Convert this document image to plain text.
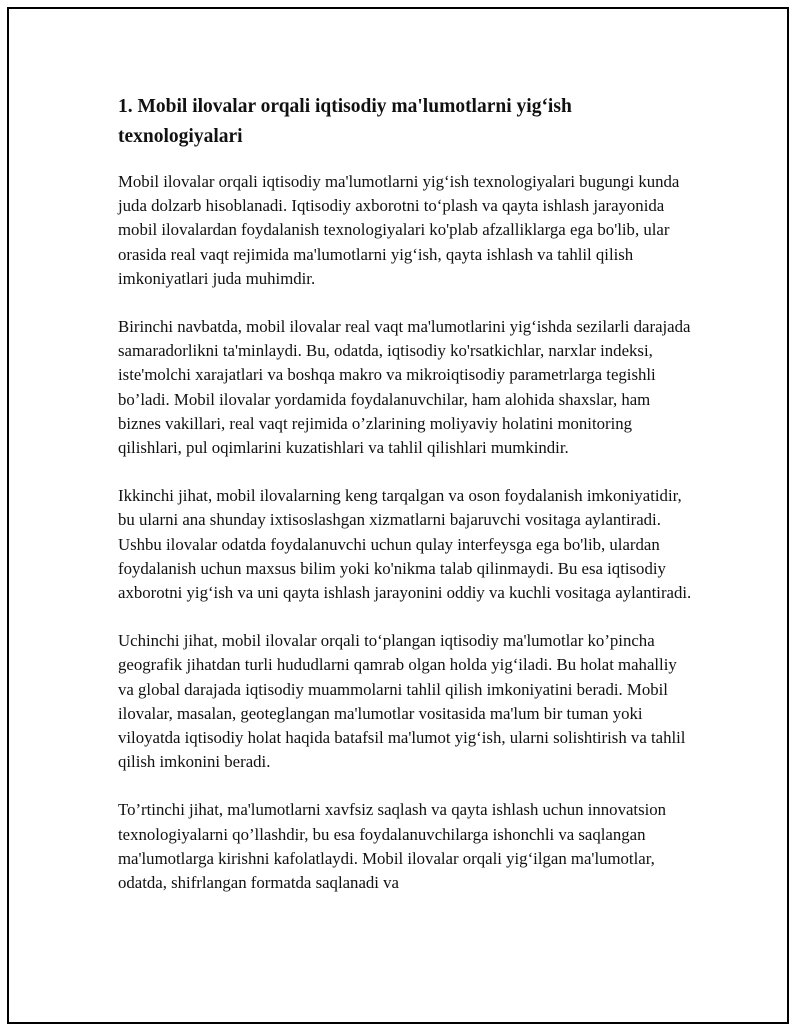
1. Mobil ilovalar orqali iqtisodiy ma'lumotlarni yig‘ish texnologiyalari

Mobil ilovalar orqali iqtisodiy ma'lumotlarni yig‘ish texnologiyalari bugungi kunda juda dolzarb hisoblanadi. Iqtisodiy axborotni to‘plash va qayta ishlash jarayonida mobil ilovalardan foydalanish texnologiyalari ko'plab afzalliklarga ega bo'lib, ular orasida real vaqt rejimida ma'lumotlarni yig‘ish, qayta ishlash va tahlil qilish imkoniyatlari juda muhimdir.

Birinchi navbatda, mobil ilovalar real vaqt ma'lumotlarini yig‘ishda sezilarli darajada samaradorlikni ta'minlaydi. Bu, odatda, iqtisodiy ko'rsatkichlar, narxlar indeksi, iste'molchi xarajatlari va boshqa makro va mikroiqtisodiy parametrlarga tegishli bo’ladi. Mobil ilovalar yordamida foydalanuvchilar, ham alohida shaxslar, ham biznes vakillari, real vaqt rejimida o’zlarining moliyaviy holatini monitoring qilishlari, pul oqimlarini kuzatishlari va tahlil qilishlari mumkindir.

Ikkinchi jihat, mobil ilovalarning keng tarqalgan va oson foydalanish imkoniyatidir, bu ularni ana shunday ixtisoslashgan xizmatlarni bajaruvchi vositaga aylantiradi. Ushbu ilovalar odatda foydalanuvchi uchun qulay interfeysga ega bo'lib, ulardan foydalanish uchun maxsus bilim yoki ko'nikma talab qilinmaydi. Bu esa iqtisodiy axborotni yig‘ish va uni qayta ishlash jarayonini oddiy va kuchli vositaga aylantiradi.

Uchinchi jihat, mobil ilovalar orqali to‘plangan iqtisodiy ma'lumotlar ko’pincha geografik jihatdan turli hududlarni qamrab olgan holda yig‘iladi. Bu holat mahalliy va global darajada iqtisodiy muammolarni tahlil qilish imkoniyatini beradi. Mobil ilovalar, masalan, geoteglangan ma'lumotlar vositasida ma'lum bir tuman yoki viloyatda iqtisodiy holat haqida batafsil ma'lumot yig‘ish, ularni solishtirish va tahlil qilish imkonini beradi.

To’rtinchi jihat, ma'lumotlarni xavfsiz saqlash va qayta ishlash uchun innovatsion texnologiyalarni qo’llashdir, bu esa foydalanuvchilarga ishonchli va saqlangan ma'lumotlarga kirishni kafolatlaydi. Mobil ilovalar orqali yig‘ilgan ma'lumotlar, odatda, shifrlangan formatda saqlanadi va
